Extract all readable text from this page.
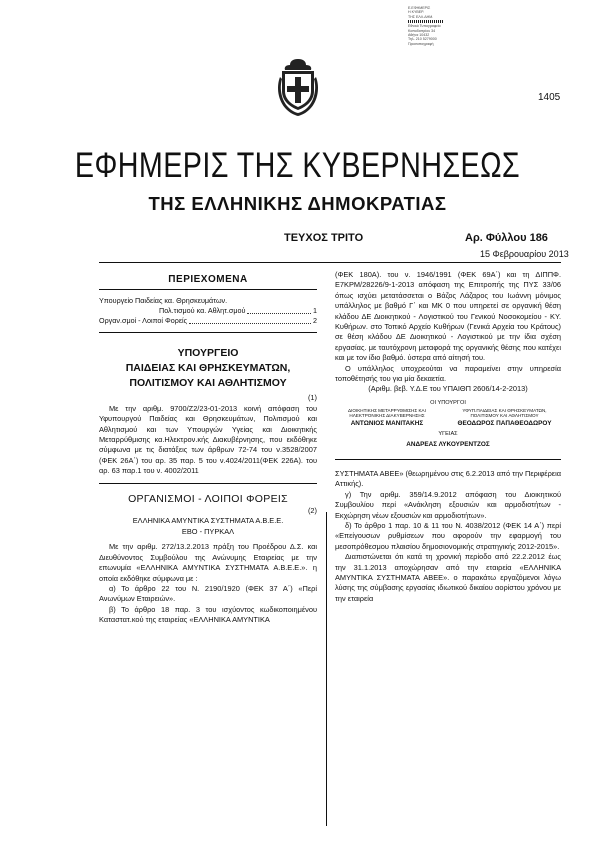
Ε.ΕΦΗΜΕΡΙΣ
Η ΚΥΒΕΡ.
ΤΗΣ ΕΛΛ.ΔΗΜ.
Εθνικό Τυπογραφείο
Καποδιστρίου 34
Αθήνα 10432
Τηλ. 210 5279000
Προσυπογραφή
1405
ΕΦΗΜΕΡΙΣ ΤΗΣ ΚΥΒΕΡΝΗΣΕΩΣ
ΤΗΣ ΕΛΛΗΝΙΚΗΣ ΔΗΜΟΚΡΑΤΙΑΣ
ΤΕΥΧΟΣ ΤΡΙΤΟ	Αρ. Φύλλου 186
15 Φεβρουαρίου 2013
ΠΕΡΙΕΧΟΜΕΝΑ
Υπουργείο Παιδείας κα. Θρησκευμάτων.
Πολ.τισμού κα. Αθλητ.σμού	1
Οργαν.σμοί - Λοιποί Φορείς	2
ΥΠΟΥΡΓΕΙΟ
ΠΑΙΔΕΙΑΣ ΚΑΙ ΘΡΗΣΚΕΥΜΑΤΩΝ,
ΠΟΛΙΤΙΣΜΟΥ ΚΑΙ ΑΘΛΗΤΙΣΜΟΥ
(1)

Με την αριθμ. 9700/Ζ2/23-01-2013 κοινή απόφαση του Υφυπουργού Παιδείας και Θρησκευμάτων, Πολιτισμού και Αθλητισμού και των Υπουργών Υγείας και Διοικητικής Μεταρρύθμισης κα.Ηλεκτρον.κής Διακυβέρνησης, που εκδόθηκε σύμφωνα με τις διατάξεις των άρθρων 72-74 του ν.3528/2007 (ΦΕΚ 26Α΄) του αρ. 35 παρ. 5 του ν.4024/2011(ΦΕΚ 226Α). του αρ. 63 παρ.1 του ν. 4002/2011

ΟΡΓΑΝΙΣΜΟΙ - ΛΟΙΠΟΙ ΦΟΡΕΙΣ
(2)
ΕΛΛΗΝΙΚΑ ΑΜΥΝΤΙΚΑ ΣΥΣΤΗΜΑΤΑ Α.Β.Ε.Ε.
ΕΒΟ - ΠΥΡΚΑΛ

Με την αριθμ. 272/13.2.2013 πράξη του Προέδρου Δ.Σ. και Διευθύνοντος Συμβούλου της Ανώνυμης Εταιρείας με την επωνυμία «ΕΛΛΗΝΙΚΑ ΑΜΥΝΤΙΚΑ ΣΥΣΤΗΜΑΤΑ Α.Β.Ε.Ε.». η οποία εκδόθηκε σύμφωνα με :

α) Το άρθρο 22 του Ν. 2190/1920 (ΦΕΚ 37 Α΄) «Περί Ανωνύμων Εταιρειών».

β) Το άρθρο 18 παρ. 3 του ισχύοντος κωδικοποιημένου Καταστατ.κού της εταιρείας «ΕΛΛΗΝΙΚΑ ΑΜΥΝΤΙΚΑ

(ΦΕΚ 180Α). του ν. 1946/1991 (ΦΕΚ 69Α΄) και τη ΔΙΠΠΦ. Ε7ΚΡΜ/28226/9-1-2013 απόφαση της Επιτροπής της ΠΥΣ 33/06 όπως ισχύει μετατάσσεται ο Βάζος Λάζαρος του Ιωάννη μόνιμος υπάλληλος με βαθμό Γ΄ και ΜΚ 0 που υπηρετεί σε οργανική θέση κλάδου ΔΕ Διοικητικού - Λογιστικού του Γενικού Νοσοκομείου - ΚΥ. Κυθήρων. στο Τοπικό Αρχείο Κυθήρων (Γενικά Αρχεία του Κράτους) σε θέση κλάδου ΔΕ Διοικητικού - Λογιστικού με την ίδια σχέση εργασίας. με ταυτόχρονη μεταφορά της οργανικής θέσης που κατέχει και με τον ίδιο βαθμό. ύστερα από αίτησή του.

Ο υπάλληλος υποχρεούται να παραμείνει στην υπηρεσία τοποθέτησής του για μία δεκαετία.

(Αριθμ. βεβ. Υ.Δ.Ε του ΥΠΑΙΘΠ 2606/14-2-2013)

ΟΙ ΥΠΟΥΡΓΟΙ
ΔΙΟΙΚΗΤΙΚΗΣ ΜΕΤΑΡΡΥΘΜΙΣΗΣ ΚΑΙ ΗΛΕΚΤΡΟΝΙΚΗΣ ΔΙΑΚΥΒΕΡΝΗΣΗΣ
ΑΝΤΩΝΙΟΣ ΜΑΝΙΤΑΚΗΣ
ΥΦΥΠ.ΠΑΙΔΕΙΑΣ ΚΑΙ ΘΡΗΣΚΕΥΜΑΤΩΝ, ΠΟΛΙΤΙΣΜΟΥ ΚΑΙ ΑΘΛΗΤΙΣΜΟΥ
ΘΕΟΔΩΡΟΣ ΠΑΠΑΘΕΟΔΩΡΟΥ
ΥΓΕΙΑΣ
ΑΝΔΡΕΑΣ ΛΥΚΟΥΡΕΝΤΖΟΣ

ΣΥΣΤΗΜΑΤΑ ΑΒΕΕ» (θεωρημένου στις 6.2.2013 από την Περιφέρεια Αττικής).

γ) Την αριθμ. 359/14.9.2012 απόφαση του Διοικητικού Συμβουλίου περί «Ανάκληση εξουσιών και αρμοδιοτήτων - Εκχώρηση νέων εξουσιών και αρμοδιοτήτων».

δ) Το άρθρο 1 παρ. 10 & 11 του Ν. 4038/2012 (ΦΕΚ 14 Α΄) περί «Επείγουσων ρυθμίσεων που αφορούν την εφαρμογή του μεσοπρόθεσμου πλαισίου δημοσιονομικής στρατηγικής 2012-2015».

Διαπιστώνεται ότι κατά τη χρονική περίοδο από 22.2.2012 έως την 31.1.2013 αποχώρησαν από την εταιρεία «ΕΛΛΗΝΙΚΑ ΑΜΥΝΤΙΚΑ ΣΥΣΤΗΜΑΤΑ ΑΒΕΕ». ο παρακάτω εργαζόμενοι λόγω λύσης της σύμβασης εργασίας ιδιωτικού δικαίου αορίστου χρόνου με την εταιρεία
